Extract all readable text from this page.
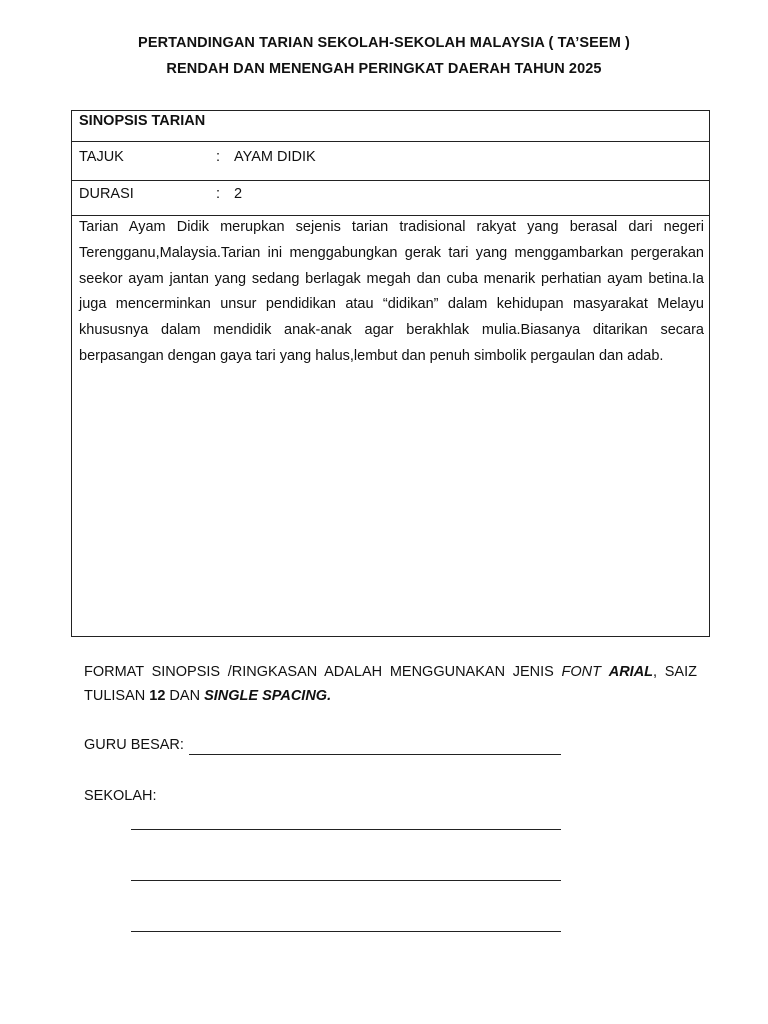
PERTANDINGAN TARIAN SEKOLAH-SEKOLAH MALAYSIA ( TA’SEEM )
RENDAH DAN MENENGAH PERINGKAT DAERAH TAHUN 2025
SINOPSIS TARIAN
TAJUK	: AYAM DIDIK
DURASI	: 2

Tarian Ayam Didik merupkan sejenis tarian tradisional rakyat yang berasal dari negeri Terengganu,Malaysia.Tarian ini menggabungkan gerak tari yang menggambarkan pergerakan seekor ayam jantan yang sedang berlagak megah dan cuba menarik perhatian ayam betina.Ia juga mencerminkan unsur pendidikan atau “didikan” dalam kehidupan masyarakat Melayu khususnya dalam mendidik anak-anak agar berakhlak mulia.Biasanya ditarikan secara berpasangan dengan gaya tari yang halus,lembut dan penuh simbolik pergaulan dan adab.

FORMAT SINOPSIS /RINGKASAN ADALAH MENGGUNAKAN JENIS FONT ARIAL, SAIZ TULISAN 12 DAN SINGLE SPACING.

GURU BESAR:
SEKOLAH:
